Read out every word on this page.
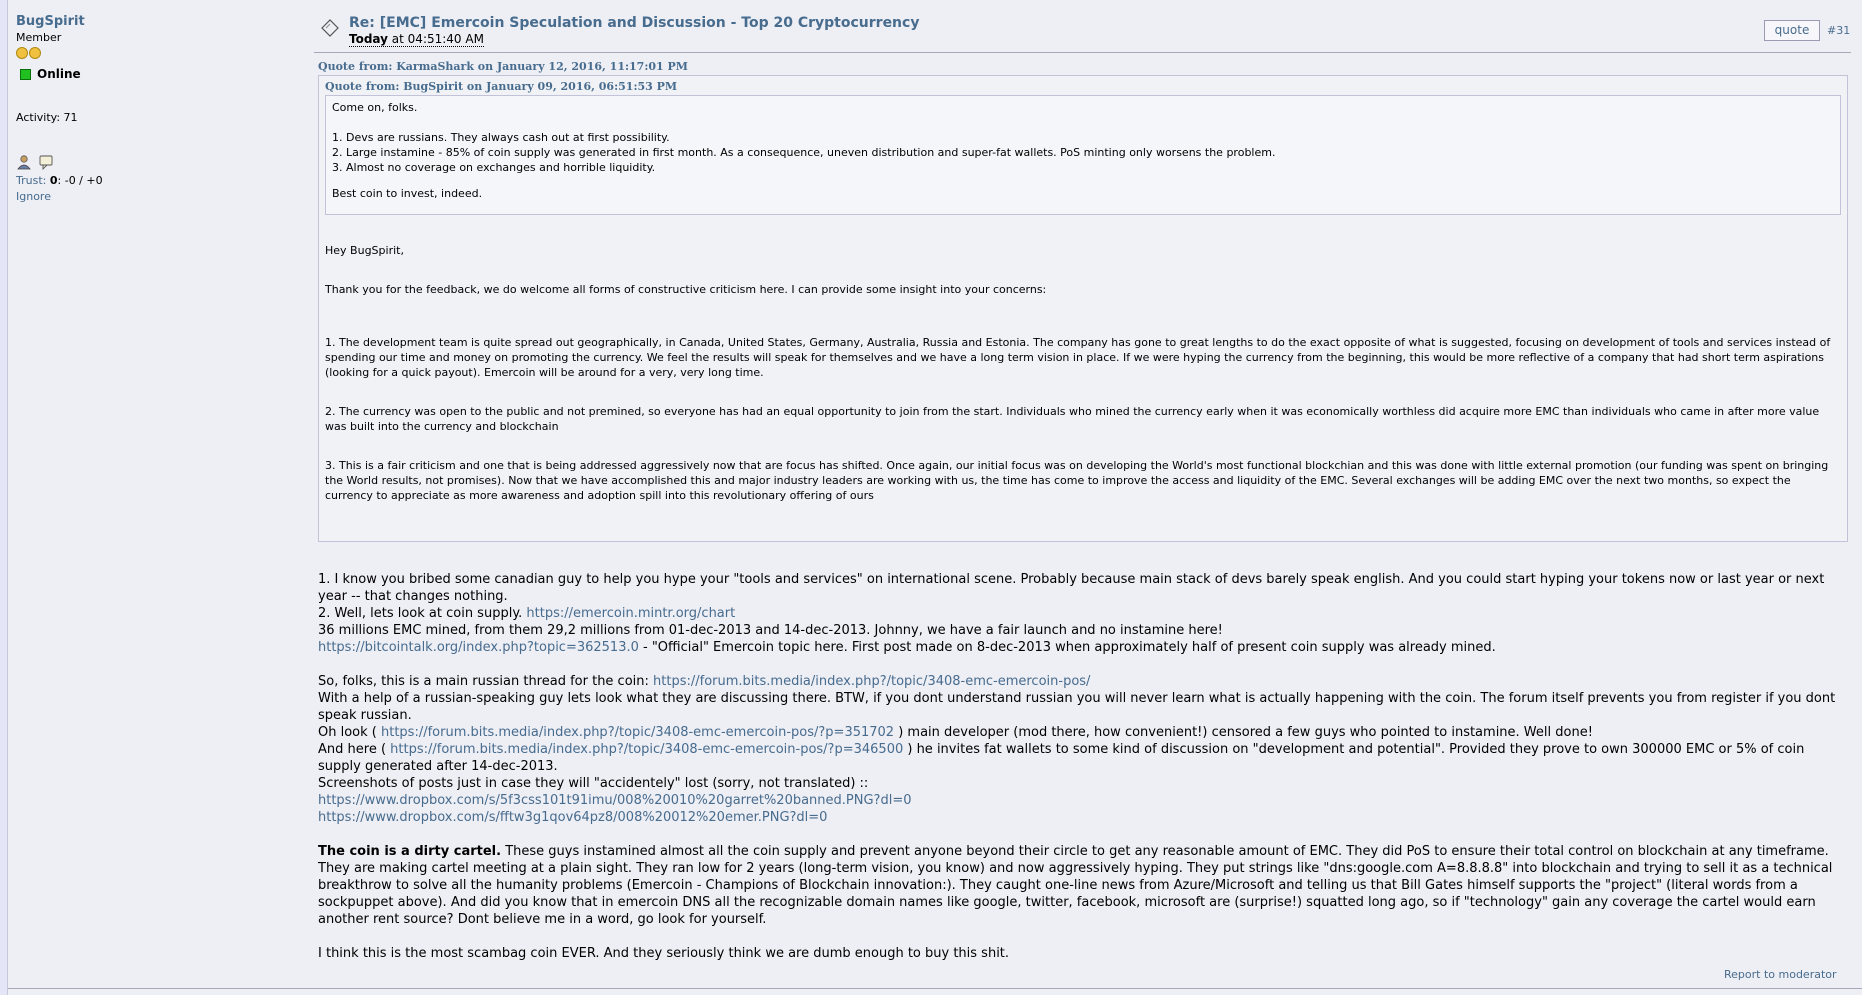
BugSpirit
Member
Online
Activity: 71
Trust: 0: -0 / +0
Ignore
Re: [EMC] Emercoin Speculation and Discussion - Top 20 Cryptocurrency
Today at 04:51:40 AM
quote	#31
Quote from: KarmaShark on January 12, 2016, 11:17:01 PM
Quote from: BugSpirit on January 09, 2016, 06:51:53 PM

Come on, folks.

1. Devs are russians. They always cash out at first possibility.

2. Large instamine - 85% of coin supply was generated in first month. As a consequence, uneven distribution and super-fat wallets. PoS minting only worsens the problem.

3. Almost no coverage on exchanges and horrible liquidity.

Best coin to invest, indeed.

Hey BugSpirit,

Thank you for the feedback, we do welcome all forms of constructive criticism here. I can provide some insight into your concerns:

1. The development team is quite spread out geographically, in Canada, United States, Germany, Australia, Russia and Estonia. The company has gone to great lengths to do the exact opposite of what is suggested, focusing on development of tools and services instead of spending our time and money on promoting the currency. We feel the results will speak for themselves and we have a long term vision in place. If we were hyping the currency from the beginning, this would be more reflective of a company that had short term aspirations (looking for a quick payout). Emercoin will be around for a very, very long time.

2. The currency was open to the public and not premined, so everyone has had an equal opportunity to join from the start. Individuals who mined the currency early when it was economically worthless did acquire more EMC than individuals who came in after more value was built into the currency and blockchain

3. This is a fair criticism and one that is being addressed aggressively now that are focus has shifted. Once again, our initial focus was on developing the World's most functional blockchian and this was done with little external promotion (our funding was spent on bringing the World results, not promises). Now that we have accomplished this and major industry leaders are working with us, the time has come to improve the access and liquidity of the EMC. Several exchanges will be adding EMC over the next two months, so expect the currency to appreciate as more awareness and adoption spill into this revolutionary offering of ours

1. I know you bribed some canadian guy to help you hype your "tools and services" on international scene. Probably because main stack of devs barely speak english. And you could start hyping your tokens now or last year or next year -- that changes nothing.

2. Well, lets look at coin supply. https://emercoin.mintr.org/chart

36 millions EMC mined, from them 29,2 millions from 01-dec-2013 and 14-dec-2013. Johnny, we have a fair launch and no instamine here!

https://bitcointalk.org/index.php?topic=362513.0 - "Official" Emercoin topic here. First post made on 8-dec-2013 when approximately half of present coin supply was already mined.

So, folks, this is a main russian thread for the coin: https://forum.bits.media/index.php?/topic/3408-emc-emercoin-pos/

With a help of a russian-speaking guy lets look what they are discussing there. BTW, if you dont understand russian you will never learn what is actually happening with the coin. The forum itself prevents you from register if you dont speak russian.

Oh look ( https://forum.bits.media/index.php?/topic/3408-emc-emercoin-pos/?p=351702 ) main developer (mod there, how convenient!) censored a few guys who pointed to instamine. Well done!

And here ( https://forum.bits.media/index.php?/topic/3408-emc-emercoin-pos/?p=346500 ) he invites fat wallets to some kind of discussion on "development and potential". Provided they prove to own 300000 EMC or 5% of coin supply generated after 14-dec-2013.

Screenshots of posts just in case they will "accidentely" lost (sorry, not translated) ::

https://www.dropbox.com/s/5f3css101t91imu/008%20010%20garret%20banned.PNG?dl=0

https://www.dropbox.com/s/fftw3g1qov64pz8/008%20012%20emer.PNG?dl=0

The coin is a dirty cartel. These guys instamined almost all the coin supply and prevent anyone beyond their circle to get any reasonable amount of EMC. They did PoS to ensure their total control on blockchain at any timeframe. They are making cartel meeting at a plain sight. They ran low for 2 years (long-term vision, you know) and now aggressively hyping. They put strings like "dns:google.com A=8.8.8.8" into blockchain and trying to sell it as a technical breakthrow to solve all the humanity problems (Emercoin - Champions of Blockchain innovation:). They caught one-line news from Azure/Microsoft and telling us that Bill Gates himself supports the "project" (literal words from a sockpuppet above). And did you know that in emercoin DNS all the recognizable domain names like google, twitter, facebook, microsoft are (surprise!) squatted long ago, so if "technology" gain any coverage the cartel would earn another rent source? Dont believe me in a word, go look for yourself.

I think this is the most scambag coin EVER. And they seriously think we are dumb enough to buy this shit.

Report to moderator
